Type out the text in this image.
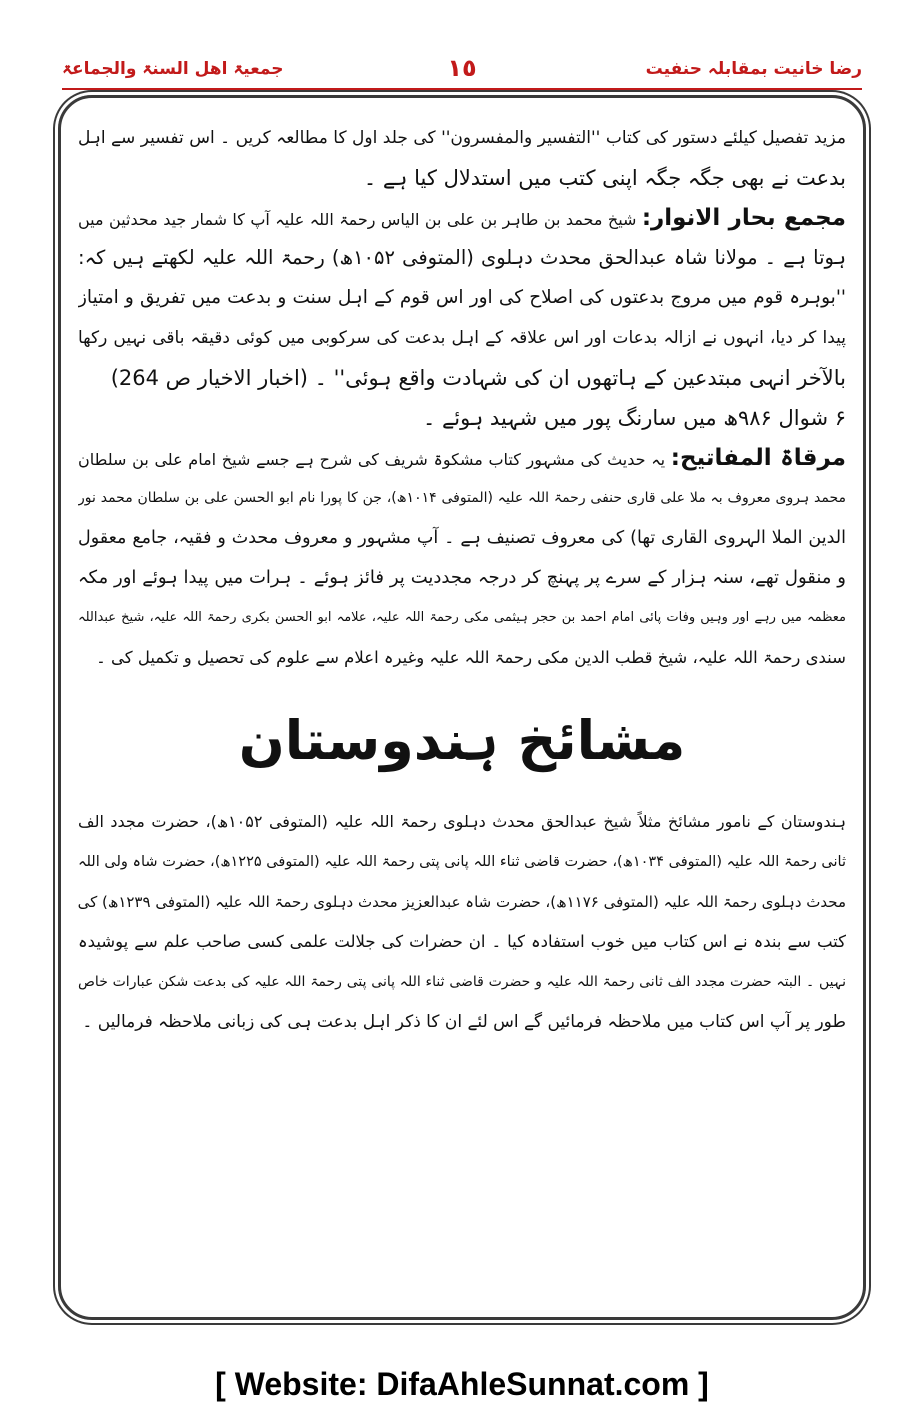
جمعیۃ اھل السنۃ والجماعۃ	١٥	رضا خانیت بمقابلہ حنفیت
مزید تفصیل کیلئے دستور کی کتاب ''التفسیر والمفسرون'' کی جلد اول کا مطالعہ کریں ۔ اس تفسیر سے اہل
بدعت نے بھی جگہ جگہ اپنی کتب میں استدلال کیا ہے ۔
مجمع بحار الانوار: شیخ محمد بن طاہر بن علی بن الیاس رحمۃ اللہ علیہ آپ کا شمار جید محدثین میں
ہوتا ہے ۔ مولانا شاہ عبدالحق محدث دہلوی (المتوفی ۱۰۵۲ھ) رحمۃ اللہ علیہ لکھتے ہیں کہ:
''بوہرہ قوم میں مروج بدعتوں کی اصلاح کی اور اس قوم کے اہل سنت و بدعت میں تفریق و امتیاز
پیدا کر دیا، انہوں نے ازالہ بدعات اور اس علاقہ کے اہل بدعت کی سرکوبی میں کوئی دقیقہ باقی نہیں رکھا
بالآخر انہی مبتدعین کے ہاتھوں ان کی شہادت واقع ہوئی'' ۔ (اخبار الاخیار ص 264)
۶ شوال ۹۸۶ھ میں سارنگ پور میں شہید ہوئے ۔
مرقاۃ المفاتیح: یہ حدیث کی مشہور کتاب مشکوۃ شریف کی شرح ہے جسے شیخ امام علی بن سلطان
محمد ہروی معروف بہ ملا علی قاری حنفی رحمۃ اللہ علیہ (المتوفی ۱۰۱۴ھ)، جن کا پورا نام ابو الحسن علی بن سلطان محمد نور
الدین الملا الہروی القاری تھا) کی معروف تصنیف ہے ۔ آپ مشہور و معروف محدث و فقیہ، جامع معقول
و منقول تھے، سنہ ہزار کے سرے پر پہنچ کر درجہ مجددیت پر فائز ہوئے ۔ ہرات میں پیدا ہوئے اور مکہ
معظمہ میں رہے اور وہیں وفات پائی امام احمد بن حجر ہیثمی مکی رحمۃ اللہ علیہ، علامہ ابو الحسن بکری رحمۃ اللہ علیہ، شیخ عبداللہ
سندی رحمۃ اللہ علیہ، شیخ قطب الدین مکی رحمۃ اللہ علیہ وغیرہ اعلام سے علوم کی تحصیل و تکمیل کی ۔
مشائخ ہندوستان
ہندوستان کے نامور مشائخ مثلاً شیخ عبدالحق محدث دہلوی رحمۃ اللہ علیہ (المتوفی ۱۰۵۲ھ)، حضرت مجدد الف
ثانی رحمۃ اللہ علیہ (المتوفی ۱۰۳۴ھ)، حضرت قاضی ثناء اللہ پانی پتی رحمۃ اللہ علیہ (المتوفی ۱۲۲۵ھ)، حضرت شاہ ولی اللہ
محدث دہلوی رحمۃ اللہ علیہ (المتوفی ۱۱۷۶ھ)، حضرت شاہ عبدالعزیز محدث دہلوی رحمۃ اللہ علیہ (المتوفی ۱۲۳۹ھ) کی
کتب سے بندہ نے اس کتاب میں خوب استفادہ کیا ۔ ان حضرات کی جلالت علمی کسی صاحب علم سے پوشیدہ
نہیں ۔ البتہ حضرت مجدد الف ثانی رحمۃ اللہ علیہ و حضرت قاضی ثناء اللہ پانی پتی رحمۃ اللہ علیہ کی بدعت شکن عبارات خاص
طور پر آپ اس کتاب میں ملاحظہ فرمائیں گے اس لئے ان کا ذکر اہل بدعت ہی کی زبانی ملاحظہ فرمالیں ۔
[ Website: DifaAhleSunnat.com ]
